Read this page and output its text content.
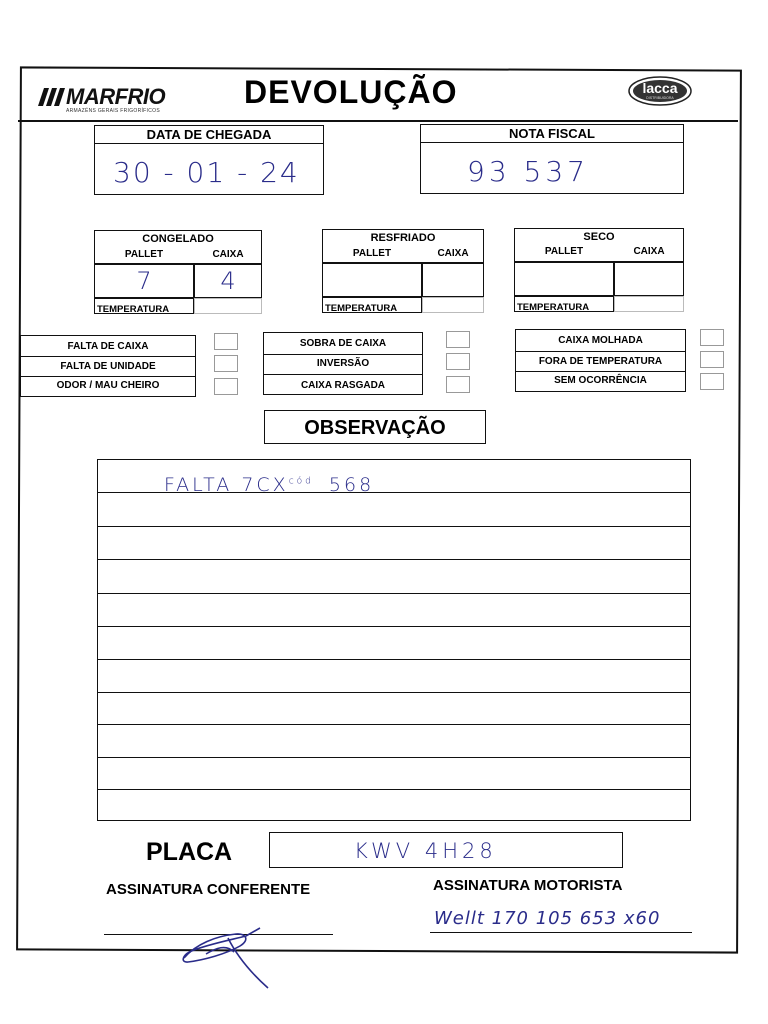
MARFRIO
ARMAZÉNS GERAIS FRIGORÍFICOS
DEVOLUÇÃO	lacca
DISTRIBUIDORA
DATA DE CHEGADA
30 - 01 - 24
NOTA FISCAL
93 537
CONGELADO
PALLET	CAIXA
7	4
TEMPERATURA
RESFRIADO
PALLET	CAIXA
TEMPERATURA
SECO
PALLET	CAIXA
TEMPERATURA
FALTA DE CAIXA
FALTA DE UNIDADE
ODOR / MAU CHEIRO
SOBRA DE CAIXA
INVERSÃO
CAIXA RASGADA
CAIXA MOLHADA
FORA DE TEMPERATURA
SEM OCORRÊNCIA
OBSERVAÇÃO
FALTA $7CX^{cód}$ 568
PLACA	KWV 4H28
ASSINATURA CONFERENTE	ASSINATURA MOTORISTA
Wellt 170 105 653 x60
